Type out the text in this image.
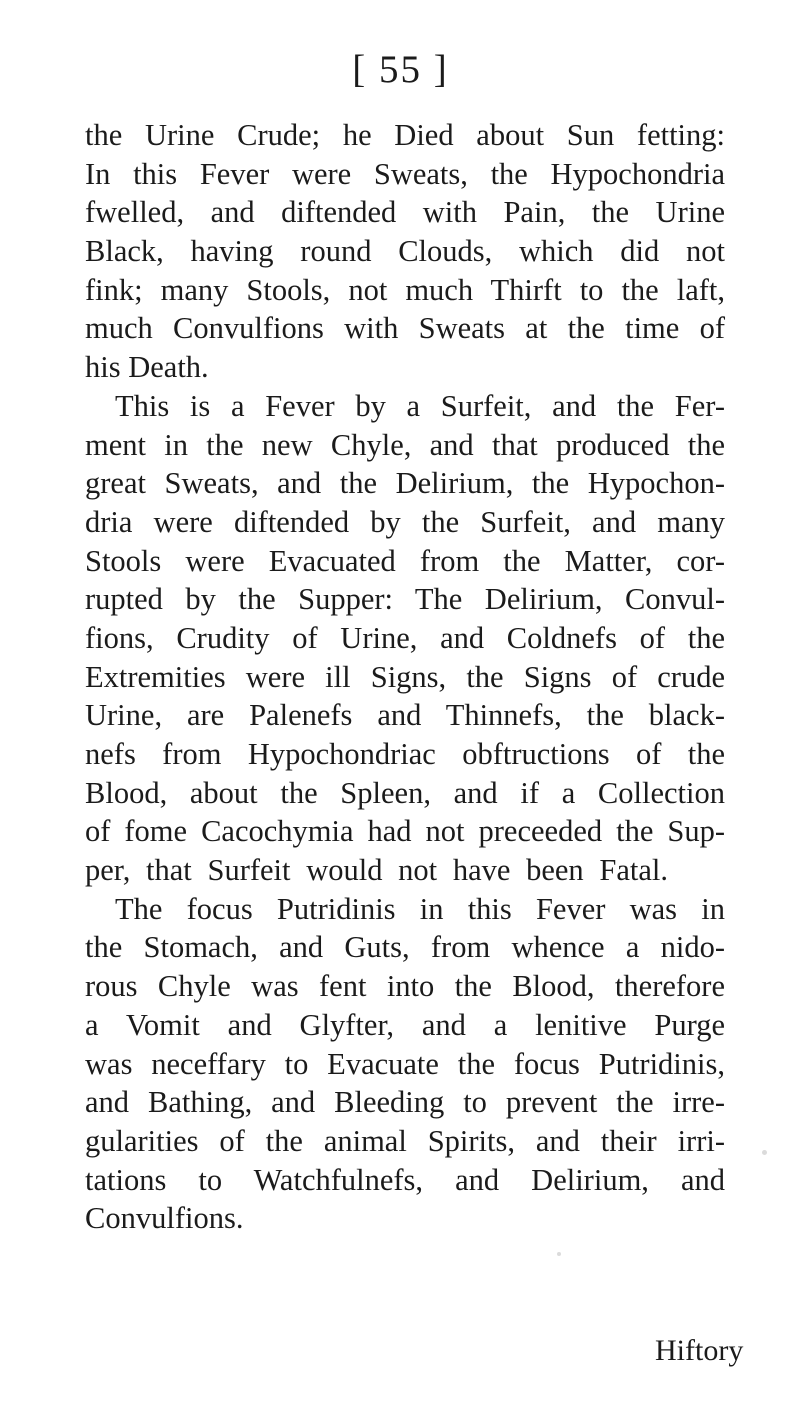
[ 55 ]
the Urine Crude; he Died about Sun fetting:
In this Fever were Sweats, the Hypochondria
fwelled, and diftended with Pain, the Urine
Black, having round Clouds, which did not
fink; many Stools, not much Thirft to the laft,
much Convulfions with Sweats at the time of
his Death.
This is a Fever by a Surfeit, and the Fer-
ment in the new Chyle, and that produced the
great Sweats, and the Delirium, the Hypochon-
dria were diftended by the Surfeit, and many
Stools were Evacuated from the Matter, cor-
rupted by the Supper: The Delirium, Convul-
fions, Crudity of Urine, and Coldnefs of the
Extremities were ill Signs, the Signs of crude
Urine, are Palenefs and Thinnefs, the black-
nefs from Hypochondriac obftructions of the
Blood, about the Spleen, and if a Collection
of fome Cacochymia had not preceeded the Sup-
per, that Surfeit would not have been Fatal.
The focus Putridinis in this Fever was in
the Stomach, and Guts, from whence a nido-
rous Chyle was fent into the Blood, therefore
a Vomit and Glyfter, and a lenitive Purge
was neceffary to Evacuate the focus Putridinis,
and Bathing, and Bleeding to prevent the irre-
gularities of the animal Spirits, and their irri-
tations to Watchfulnefs, and Delirium, and
Convulfions.
Hiftory
